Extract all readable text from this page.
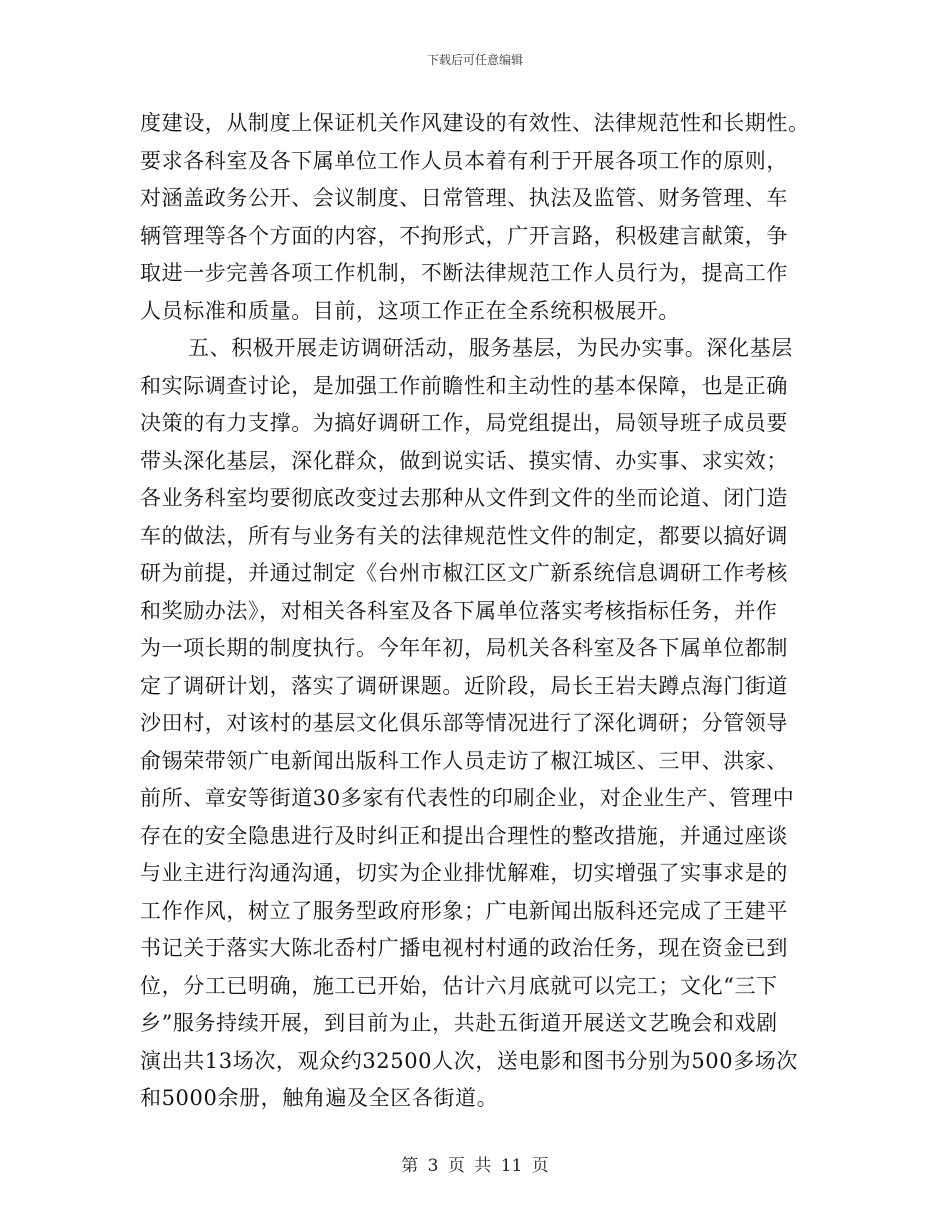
下载后可任意编辑
度建设，从制度上保证机关作风建设的有效性、法律规范性和长期性。
要求各科室及各下属单位工作人员本着有利于开展各项工作的原则，
对涵盖政务公开、会议制度、日常管理、执法及监管、财务管理、车
辆管理等各个方面的内容，不拘形式，广开言路，积极建言献策，争
取进一步完善各项工作机制，不断法律规范工作人员行为，提高工作
人员标准和质量。目前，这项工作正在全系统积极展开。
五、积极开展走访调研活动，服务基层，为民办实事。深化基层
和实际调查讨论，是加强工作前瞻性和主动性的基本保障，也是正确
决策的有力支撑。为搞好调研工作，局党组提出，局领导班子成员要
带头深化基层，深化群众，做到说实话、摸实情、办实事、求实效；
各业务科室均要彻底改变过去那种从文件到文件的坐而论道、闭门造
车的做法，所有与业务有关的法律规范性文件的制定，都要以搞好调
研为前提，并通过制定《台州市椒江区文广新系统信息调研工作考核
和奖励办法》，对相关各科室及各下属单位落实考核指标任务，并作
为一项长期的制度执行。今年年初，局机关各科室及各下属单位都制
定了调研计划，落实了调研课题。近阶段，局长王岩夫蹲点海门街道
沙田村，对该村的基层文化俱乐部等情况进行了深化调研；分管领导
俞锡荣带领广电新闻出版科工作人员走访了椒江城区、三甲、洪家、
前所、章安等街道30多家有代表性的印刷企业，对企业生产、管理中
存在的安全隐患进行及时纠正和提出合理性的整改措施，并通过座谈
与业主进行沟通沟通，切实为企业排忧解难，切实增强了实事求是的
工作作风，树立了服务型政府形象；广电新闻出版科还完成了王建平
书记关于落实大陈北岙村广播电视村村通的政治任务，现在资金已到
位，分工已明确，施工已开始，估计六月底就可以完工；文化“三下
乡”服务持续开展，到目前为止，共赴五街道开展送文艺晚会和戏剧
演出共13场次，观众约32500人次，送电影和图书分别为500多场次
和5000余册，触角遍及全区各街道。
第 3 页 共 11 页
